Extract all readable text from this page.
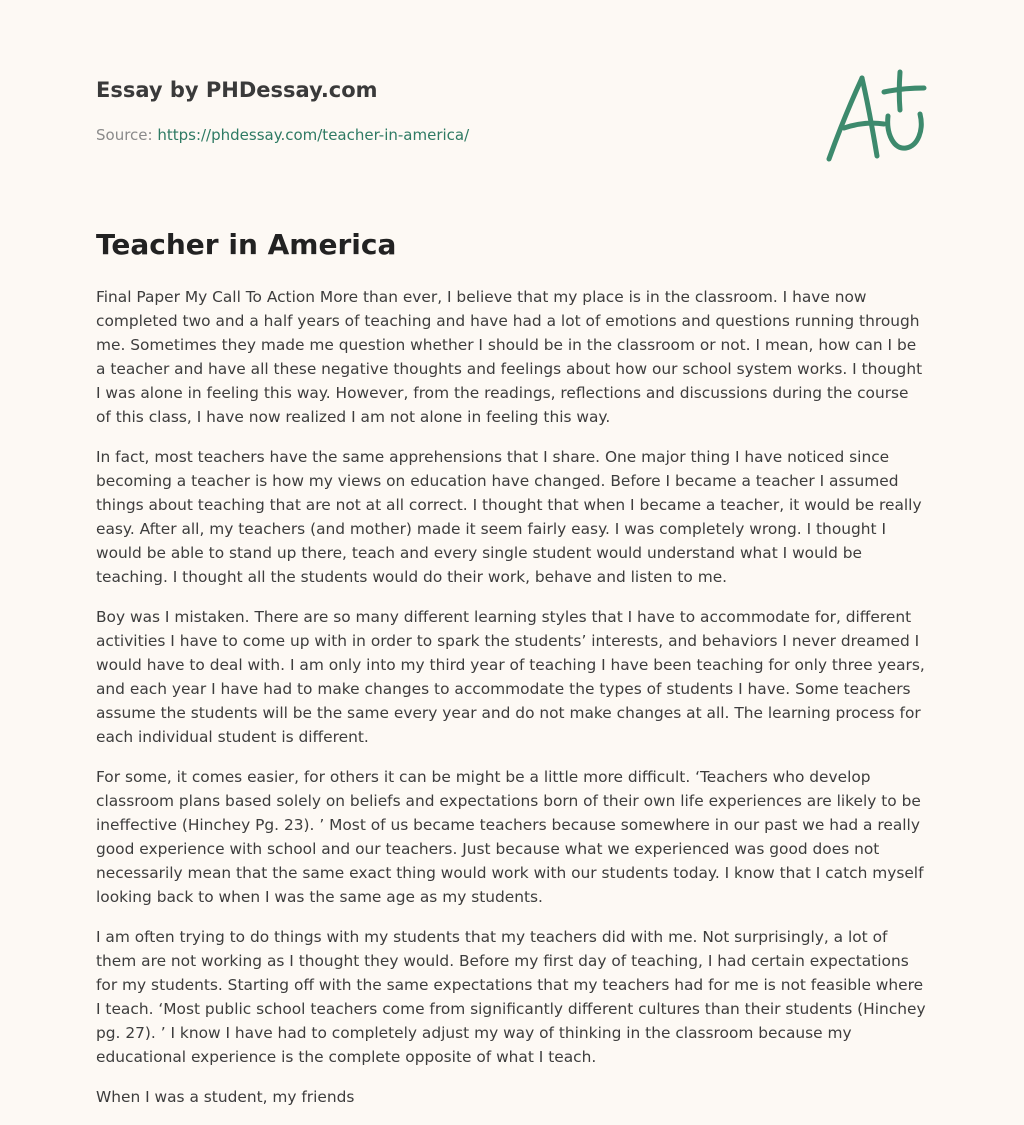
Essay by PHDessay.com
Source: https://phdessay.com/teacher-in-america/
Teacher in America

Final Paper My Call To Action More than ever, I believe that my place is in the classroom. I have now completed two and a half years of teaching and have had a lot of emotions and questions running through me. Sometimes they made me question whether I should be in the classroom or not. I mean, how can I be a teacher and have all these negative thoughts and feelings about how our school system works. I thought I was alone in feeling this way. However, from the readings, reflections and discussions during the course of this class, I have now realized I am not alone in feeling this way.

In fact, most teachers have the same apprehensions that I share. One major thing I have noticed since becoming a teacher is how my views on education have changed. Before I became a teacher I assumed things about teaching that are not at all correct. I thought that when I became a teacher, it would be really easy. After all, my teachers (and mother) made it seem fairly easy. I was completely wrong. I thought I would be able to stand up there, teach and every single student would understand what I would be teaching. I thought all the students would do their work, behave and listen to me.

Boy was I mistaken. There are so many different learning styles that I have to accommodate for, different activities I have to come up with in order to spark the students’ interests, and behaviors I never dreamed I would have to deal with. I am only into my third year of teaching I have been teaching for only three years, and each year I have had to make changes to accommodate the types of students I have. Some teachers assume the students will be the same every year and do not make changes at all. The learning process for each individual student is different.

For some, it comes easier, for others it can be might be a little more difficult. ‘Teachers who develop classroom plans based solely on beliefs and expectations born of their own life experiences are likely to be ineffective (Hinchey Pg. 23). ’ Most of us became teachers because somewhere in our past we had a really good experience with school and our teachers. Just because what we experienced was good does not necessarily mean that the same exact thing would work with our students today. I know that I catch myself looking back to when I was the same age as my students.

I am often trying to do things with my students that my teachers did with me. Not surprisingly, a lot of them are not working as I thought they would. Before my first day of teaching, I had certain expectations for my students. Starting off with the same expectations that my teachers had for me is not feasible where I teach. ‘Most public school teachers come from significantly different cultures than their students (Hinchey pg. 27). ’ I know I have had to completely adjust my way of thinking in the classroom because my educational experience is the complete opposite of what I teach.

When I was a student, my friends
